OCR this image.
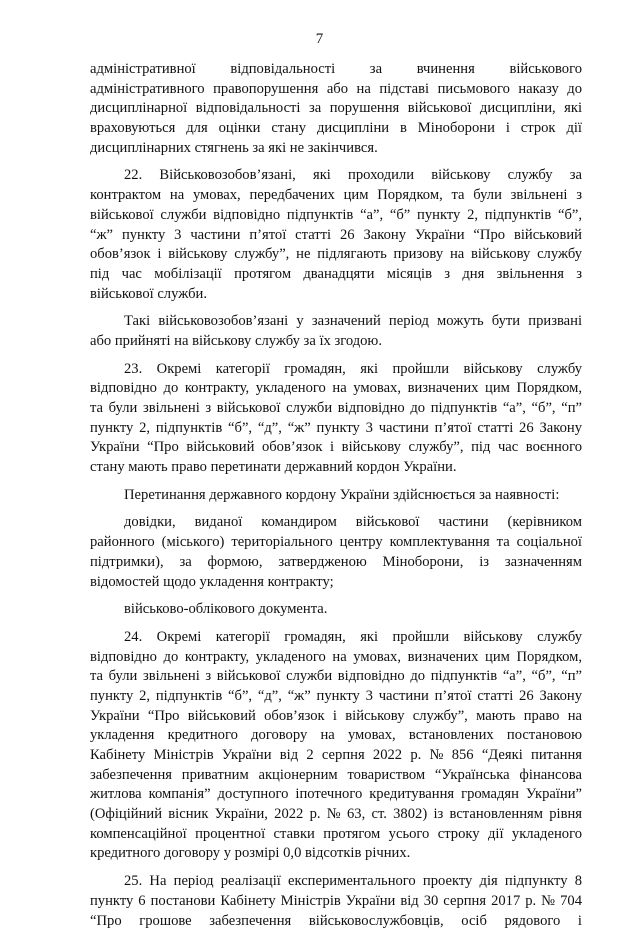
7
адміністративної відповідальності за вчинення військового
адміністративного правопорушення або на підставі письмового наказу до
дисциплінарної відповідальності за порушення військової дисципліни, які
враховуються для оцінки стану дисципліни в Міноборони і строк дії
дисциплінарних стягнень за які не закінчився.
22. Військовозобов’язані, які проходили військову службу за
контрактом на умовах, передбачених цим Порядком, та були звільнені з
військової служби відповідно підпунктів “а”, “б” пункту 2, підпунктів “б”,
“ж” пункту 3 частини п’ятої статті 26 Закону України “Про військовий
обов’язок і військову службу”, не підлягають призову на військову службу
під час мобілізації протягом дванадцяти місяців з дня звільнення з
військової служби.
Такі військовозобов’язані у зазначений період можуть бути призвані
або прийняті на військову службу за їх згодою.
23. Окремі категорії громадян, які пройшли військову службу
відповідно до контракту, укладеного на умовах, визначених цим Порядком,
та були звільнені з військової служби відповідно до підпунктів “а”, “б”, “п”
пункту 2, підпунктів “б”, “д”, “ж” пункту 3 частини п’ятої статті 26 Закону
України “Про військовий обов’язок і військову службу”, під час воєнного
стану мають право перетинати державний кордон України.
Перетинання державного кордону України здійснюється за наявності:
довідки, виданої командиром військової частини (керівником
районного (міського) територіального центру комплектування та соціальної
підтримки), за формою, затвердженою Міноборони, із зазначенням
відомостей щодо укладення контракту;
військово-облікового документа.
24. Окремі категорії громадян, які пройшли військову службу
відповідно до контракту, укладеного на умовах, визначених цим Порядком,
та були звільнені з військової служби відповідно до підпунктів “а”, “б”, “п”
пункту 2, підпунктів “б”, “д”, “ж” пункту 3 частини п’ятої статті 26 Закону
України “Про військовий обов’язок і військову службу”, мають право на
укладення кредитного договору на умовах, встановлених постановою
Кабінету Міністрів України від 2 серпня 2022 р. № 856 “Деякі питання
забезпечення приватним акціонерним товариством “Українська фінансова
житлова компанія” доступного іпотечного кредитування громадян України”
(Офіційний вісник України, 2022 р. № 63, ст. 3802) із встановленням рівня
компенсаційної процентної ставки протягом усього строку дії укладеного
кредитного договору у розмірі 0,0 відсотків річних.
25. На період реалізації експериментального проекту дія підпункту 8
пункту 6 постанови Кабінету Міністрів України від 30 серпня 2017 р. № 704
“Про грошове забезпечення військовослужбовців, осіб рядового і
